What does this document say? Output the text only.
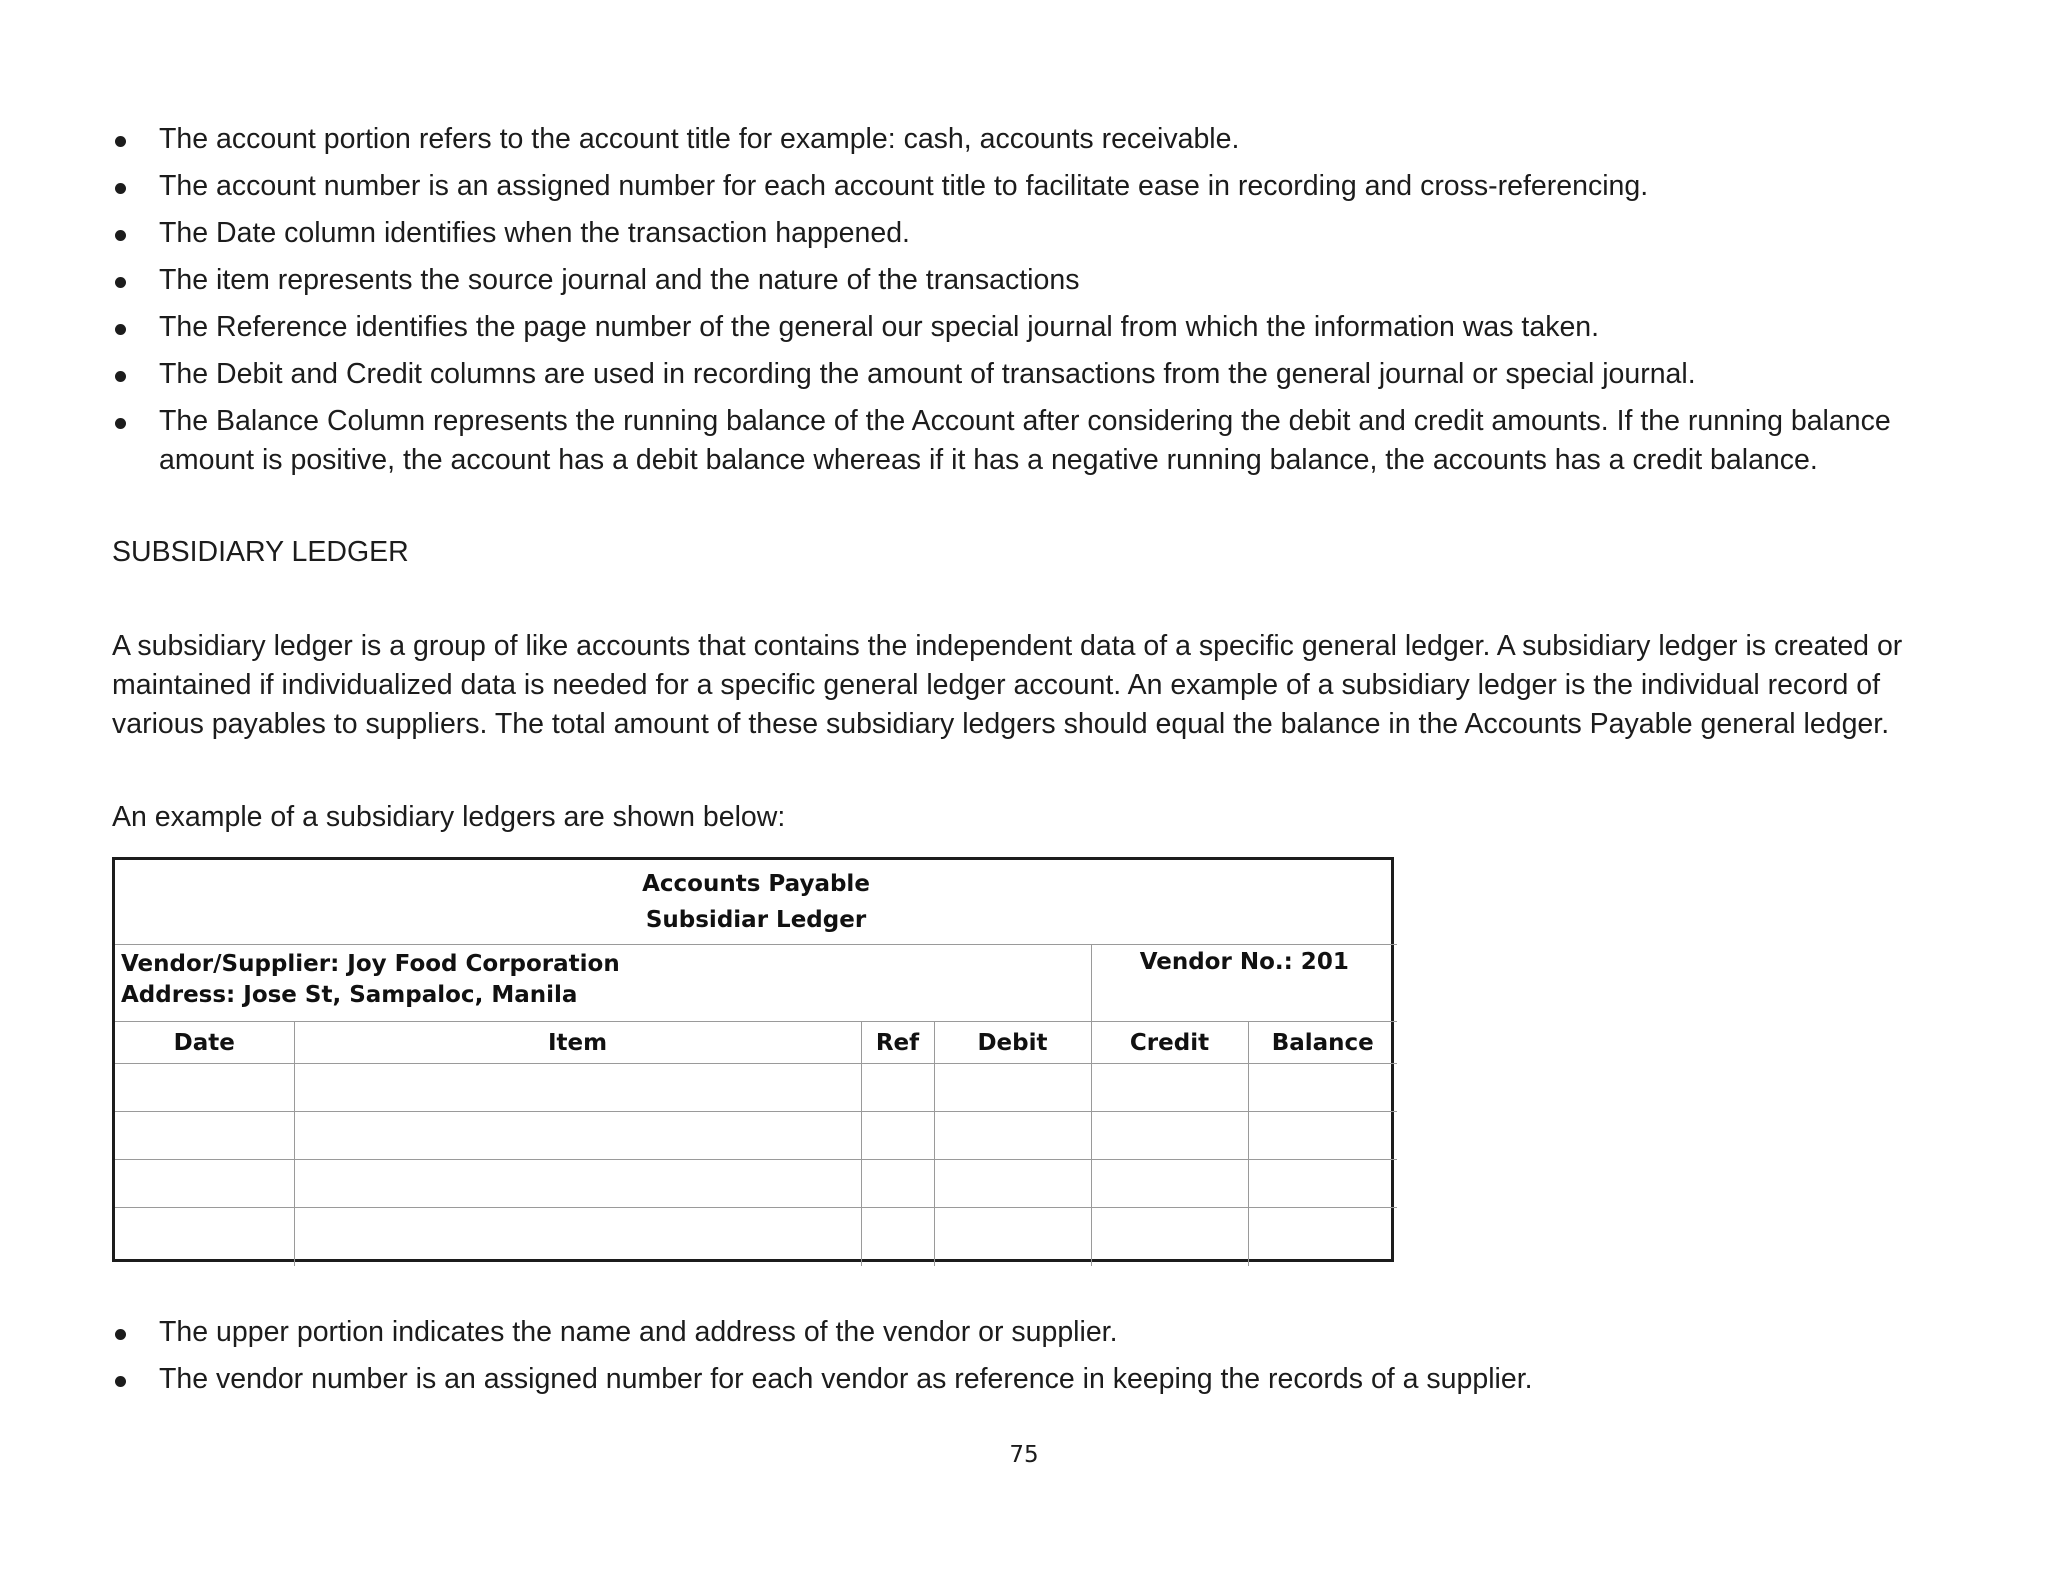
The account portion refers to the account title for example: cash, accounts receivable.
The account number is an assigned number for each account title to facilitate ease in recording and cross-referencing.
The Date column identifies when the transaction happened.
The item represents the source journal and the nature of the transactions
The Reference identifies the page number of the general our special journal from which the information was taken.
The Debit and Credit columns are used in recording the amount of transactions from the general journal or special journal.
The Balance Column represents the running balance of the Account after considering the debit and credit amounts. If the running balance amount is positive, the account has a debit balance whereas if it has a negative running balance, the accounts has a credit balance.
SUBSIDIARY LEDGER

A subsidiary ledger is a group of like accounts that contains the independent data of a specific general ledger. A subsidiary ledger is created or maintained if individualized data is needed for a specific general ledger account. An example of a subsidiary ledger is the individual record of various payables to suppliers. The total amount of these subsidiary ledgers should equal the balance in the Accounts Payable general ledger.

An example of a subsidiary ledgers are shown below:

Accounts Payable
Subsidiar Ledger					

Vendor/Supplier: Joy Food Corporation
Address: Jose St, Sampaloc, Manila				Vendor No.: 201	
Date	Item	Ref	Debit	Credit	Balance

The upper portion indicates the name and address of the vendor or supplier.
The vendor number is an assigned number for each vendor as reference in keeping the records of a supplier.
75
